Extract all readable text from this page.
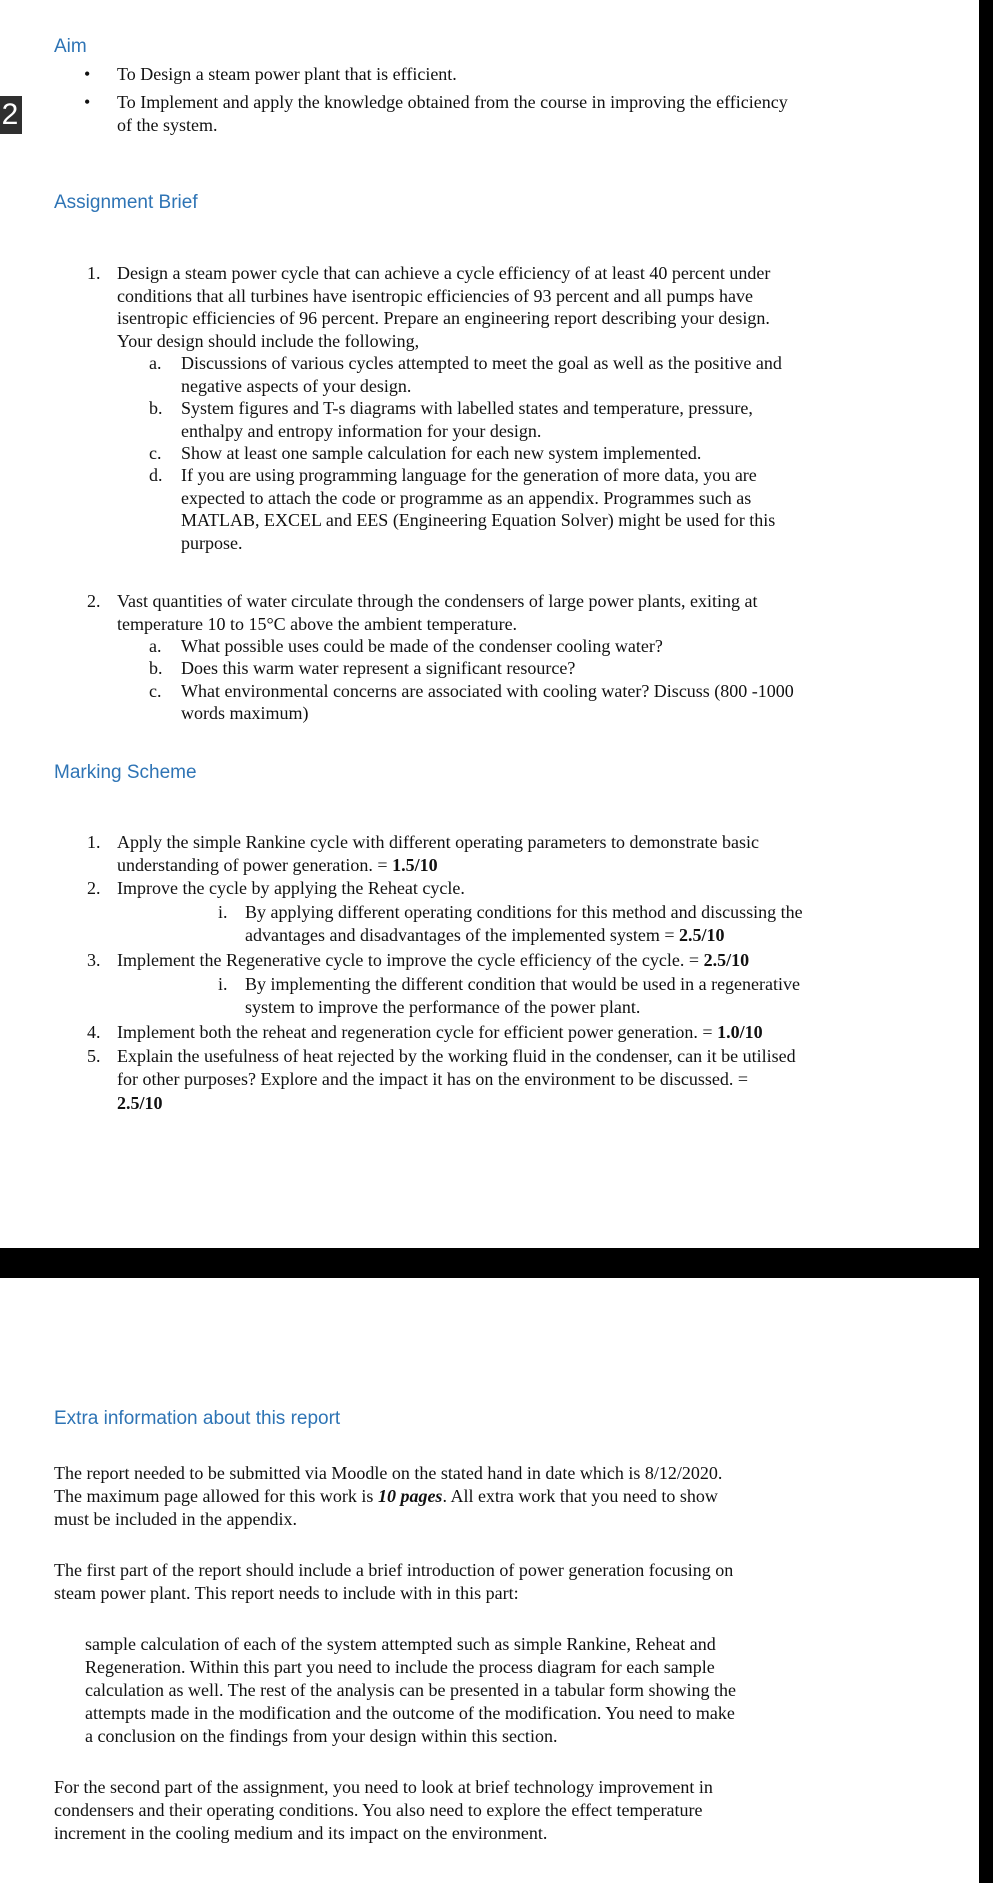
2
Aim
• To Design a steam power plant that is efficient.
• To Implement and apply the knowledge obtained from the course in improving the efficiency
of the system.
Assignment Brief
1. Design a steam power cycle that can achieve a cycle efficiency of at least 40 percent under
conditions that all turbines have isentropic efficiencies of 93 percent and all pumps have
isentropic efficiencies of 96 percent. Prepare an engineering report describing your design.
Your design should include the following,
a. Discussions of various cycles attempted to meet the goal as well as the positive and
negative aspects of your design.
b. System figures and T-s diagrams with labelled states and temperature, pressure,
enthalpy and entropy information for your design.
c. Show at least one sample calculation for each new system implemented.
d. If you are using programming language for the generation of more data, you are
expected to attach the code or programme as an appendix. Programmes such as
MATLAB, EXCEL and EES (Engineering Equation Solver) might be used for this
purpose.
2. Vast quantities of water circulate through the condensers of large power plants, exiting at
temperature 10 to 15°C above the ambient temperature.
a. What possible uses could be made of the condenser cooling water?
b. Does this warm water represent a significant resource?
c. What environmental concerns are associated with cooling water? Discuss (800 -1000
words maximum)
Marking Scheme
1. Apply the simple Rankine cycle with different operating parameters to demonstrate basic
understanding of power generation. = 1.5/10
2. Improve the cycle by applying the Reheat cycle.
i. By applying different operating conditions for this method and discussing the
advantages and disadvantages of the implemented system = 2.5/10
3. Implement the Regenerative cycle to improve the cycle efficiency of the cycle. = 2.5/10
i. By implementing the different condition that would be used in a regenerative
system to improve the performance of the power plant.
4. Implement both the reheat and regeneration cycle for efficient power generation. = 1.0/10
5. Explain the usefulness of heat rejected by the working fluid in the condenser, can it be utilised
for other purposes? Explore and the impact it has on the environment to be discussed. =
2.5/10
Extra information about this report
The report needed to be submitted via Moodle on the stated hand in date which is 8/12/2020.
The maximum page allowed for this work is 10 pages. All extra work that you need to show
must be included in the appendix.
The first part of the report should include a brief introduction of power generation focusing on
steam power plant. This report needs to include with in this part:
sample calculation of each of the system attempted such as simple Rankine, Reheat and
Regeneration. Within this part you need to include the process diagram for each sample
calculation as well. The rest of the analysis can be presented in a tabular form showing the
attempts made in the modification and the outcome of the modification. You need to make
a conclusion on the findings from your design within this section.
For the second part of the assignment, you need to look at brief technology improvement in
condensers and their operating conditions. You also need to explore the effect temperature
increment in the cooling medium and its impact on the environment.
